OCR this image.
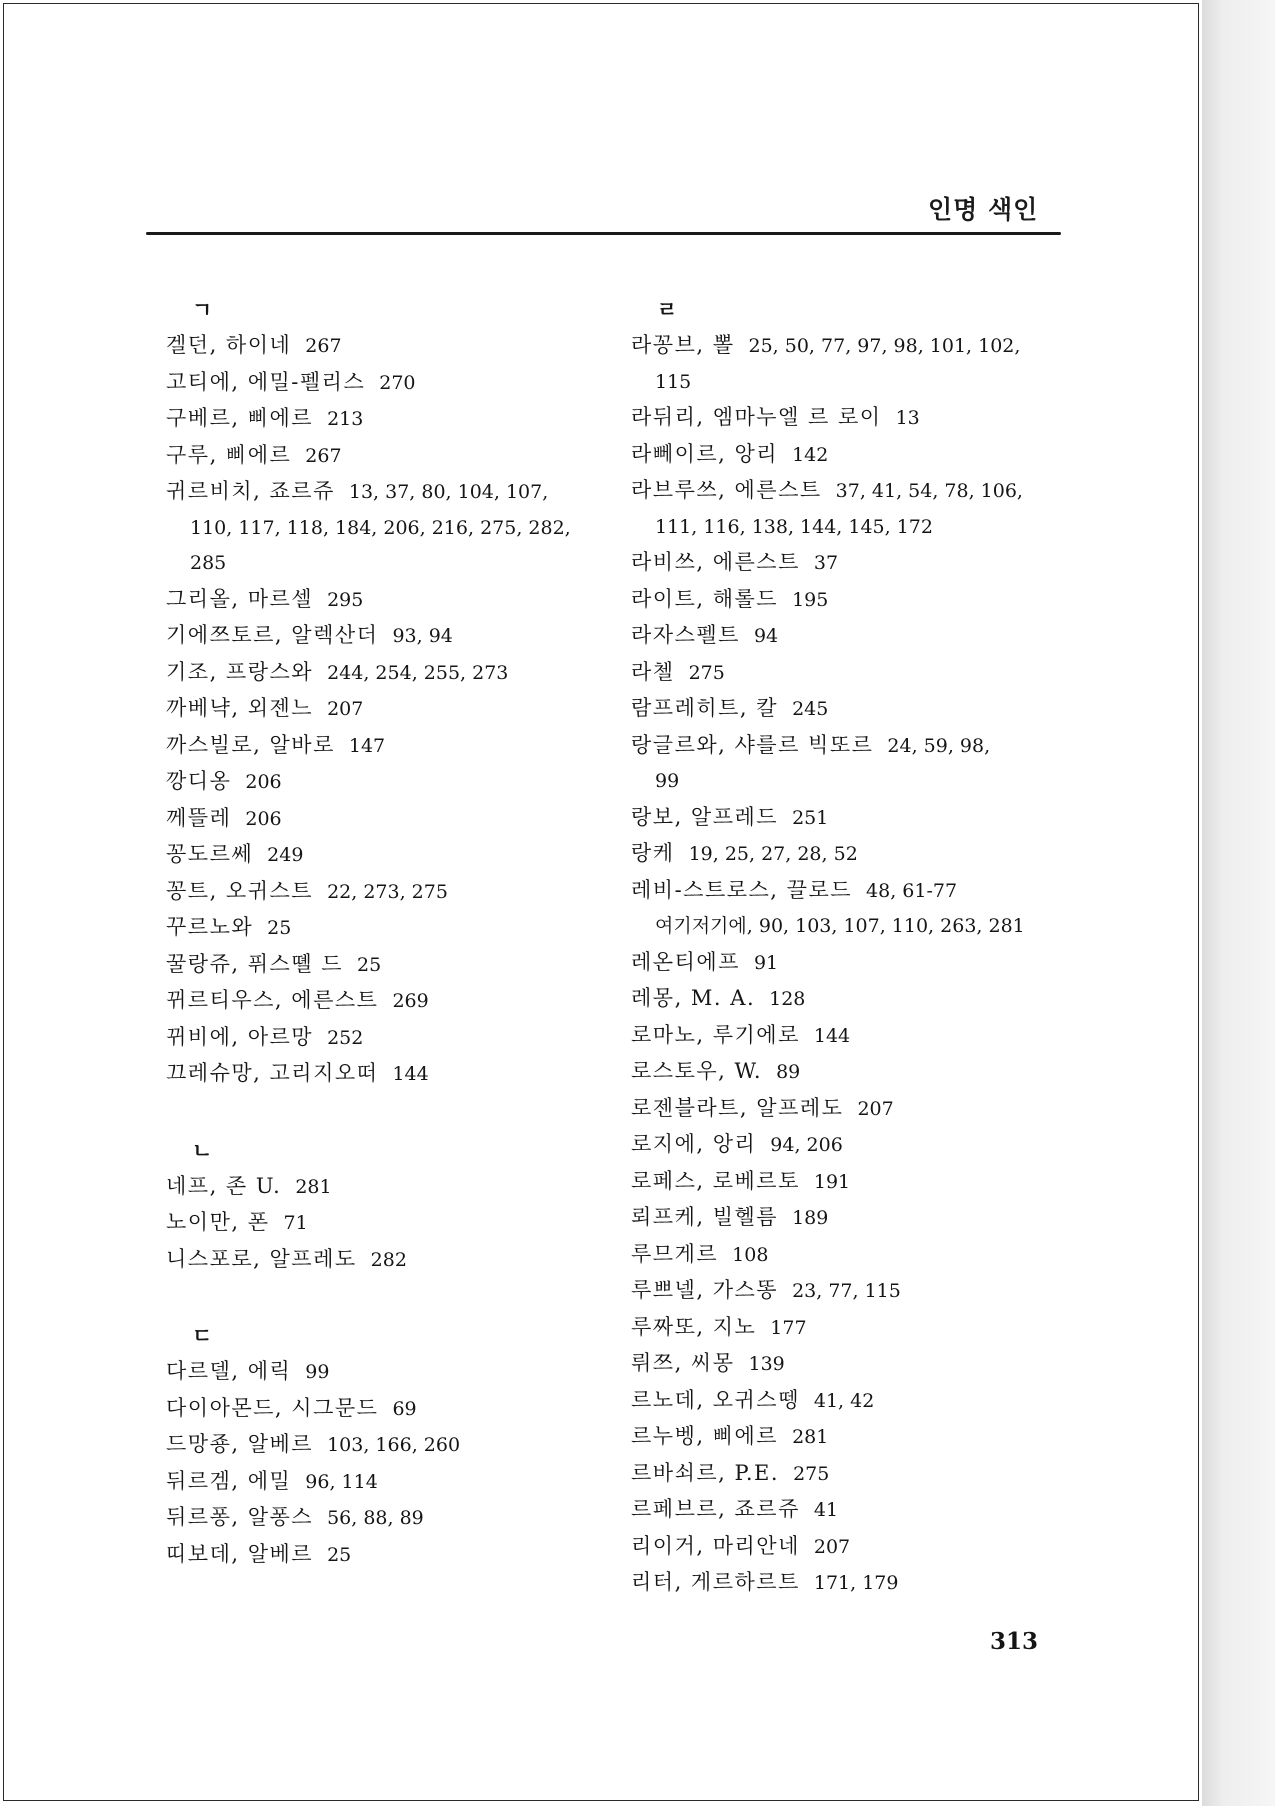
인명 색인
ㄱ
겔던, 하이네 267
고티에, 에밀-펠리스 270
구베르, 삐에르 213
구루, 삐에르 267
귀르비치, 죠르쥬 13, 37, 80, 104, 107,
110, 117, 118, 184, 206, 216, 275, 282,
285
그리올, 마르셀 295
기에쯔토르, 알렉산더 93, 94
기조, 프랑스와 244, 254, 255, 273
까베냑, 외젠느 207
까스빌로, 알바로 147
깡디옹 206
께뜰레 206
꽁도르쎄 249
꽁트, 오귀스트 22, 273, 275
꾸르노와 25
꿀랑쥬, 퓌스뗼 드 25
뀌르티우스, 에른스트 269
뀌비에, 아르망 252
끄레슈망, 고리지오떠 144
ㄴ
네프, 존 U. 281
노이만, 폰 71
니스포로, 알프레도 282
ㄷ
다르델, 에릭 99
다이아몬드, 시그문드 69
드망죵, 알베르 103, 166, 260
뒤르겜, 에밀 96, 114
뒤르퐁, 알퐁스 56, 88, 89
띠보데, 알베르 25
ㄹ
라꽁브, 뽈 25, 50, 77, 97, 98, 101, 102,
115
라뒤리, 엠마누엘 르 로이 13
라뻬이르, 앙리 142
라브루쓰, 에른스트 37, 41, 54, 78, 106,
111, 116, 138, 144, 145, 172
라비쓰, 에른스트 37
라이트, 해롤드 195
라자스펠트 94
라첼 275
람프레히트, 칼 245
랑글르와, 샤를르 빅또르 24, 59, 98,
99
랑보, 알프레드 251
랑케 19, 25, 27, 28, 52
레비-스트로스, 끌로드 48, 61-77
여기저기에, 90, 103, 107, 110, 263, 281
레온티에프 91
레몽, M. A. 128
로마노, 루기에로 144
로스토우, W. 89
로젠블라트, 알프레도 207
로지에, 앙리 94, 206
로페스, 로베르토 191
뢰프케, 빌헬름 189
루므게르 108
루쁘넬, 가스똥 23, 77, 115
루짜또, 지노 177
뤼쯔, 씨몽 139
르노데, 오귀스뗑 41, 42
르누벵, 삐에르 281
르바쇠르, P.E. 275
르페브르, 죠르쥬 41
리이거, 마리안네 207
리터, 게르하르트 171, 179
313
